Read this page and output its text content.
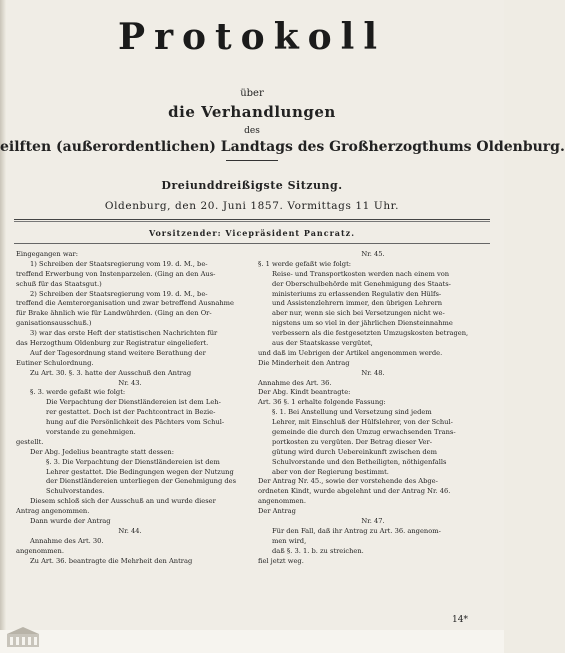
Protokoll
über
die Verhandlungen
des
eilften (außerordentlichen) Landtags des Großherzogthums Oldenburg.
Dreiunddreißigste Sitzung.
Oldenburg, den 20. Juni 1857. Vormittags 11 Uhr.
Vorsitzender: Vicepräsident Pancratz.
Eingegangen war:
1) Schreiben der Staatsregierung vom 19. d. M., be-
treffend Erwerbung von Instenparzelen. (Ging an den Aus-
schuß für das Staatsgut.)
2) Schreiben der Staatsregierung vom 19. d. M., be-
treffend die Aemterorganisation und zwar betreffend Ausnahme
für Brake ähnlich wie für Landwührden. (Ging an den Or-
ganisationsausschuß.)
3) war das erste Heft der statistischen Nachrichten für
das Herzogthum Oldenburg zur Registratur eingeliefert.
Auf der Tagesordnung stand weitere Berathung der
Eutiner Schulordnung.
Zu Art. 30. §. 3. hatte der Ausschuß den Antrag
Nr. 43.
§. 3. werde gefaßt wie folgt:
Die Verpachtung der Dienstländereien ist dem Leh-
rer gestattet. Doch ist der Pachtcontract in Bezie-
hung auf die Persönlichkeit des Pächters vom Schul-
vorstande zu genehmigen.
gestellt.
Der Abg. Jedelius beantragte statt dessen:
§. 3. Die Verpachtung der Dienstländereien ist dem
Lehrer gestattet. Die Bedingungen wegen der Nutzung
der Dienstländereien unterliegen der Genehmigung des
Schulvorstandes.
Diesem schloß sich der Ausschuß an und wurde dieser
Antrag angenommen.
Dann wurde der Antrag
Nr. 44.
Annahme des Art. 30.
angenommen.
Zu Art. 36. beantragte die Mehrheit den Antrag
Nr. 45.
§. 1 werde gefaßt wie folgt:
Reise- und Transportkosten werden nach einem von
der Oberschulbehörde mit Genehmigung des Staats-
ministeriums zu erlassenden Regulativ den Hülfs-
und Assistenzlehrern immer, den übrigen Lehrern
aber nur, wenn sie sich bei Versetzungen nicht we-
nigstens um so viel in der jährlichen Diensteinnahme
verbessern als die festgesetzten Umzugskosten betragen,
aus der Staatskasse vergütet,
und daß im Uebrigen der Artikel angenommen werde.
Die Minderheit den Antrag
Nr. 48.
Annahme des Art. 36.
Der Abg. Kindt beantragte:
Art. 36 §. 1 erhalte folgende Fassung:
§. 1. Bei Anstellung und Versetzung sind jedem
Lehrer, mit Einschluß der Hülfslehrer, von der Schul-
gemeinde die durch den Umzug erwachsenden Trans-
portkosten zu vergüten. Der Betrag dieser Ver-
gütung wird durch Uebereinkunft zwischen dem
Schulvorstande und den Betheiligten, nöthigenfalls
aber von der Regierung bestimmt.
Der Antrag Nr. 45., sowie der vorstehende des Abge-
ordneten Kindt, wurde abgelehnt und der Antrag Nr. 46.
angenommen.
Der Antrag
Nr. 47.
Für den Fall, daß ihr Antrag zu Art. 36. angenom-
men wird,
daß §. 3. 1. b. zu streichen.
fiel jetzt weg.
14*
